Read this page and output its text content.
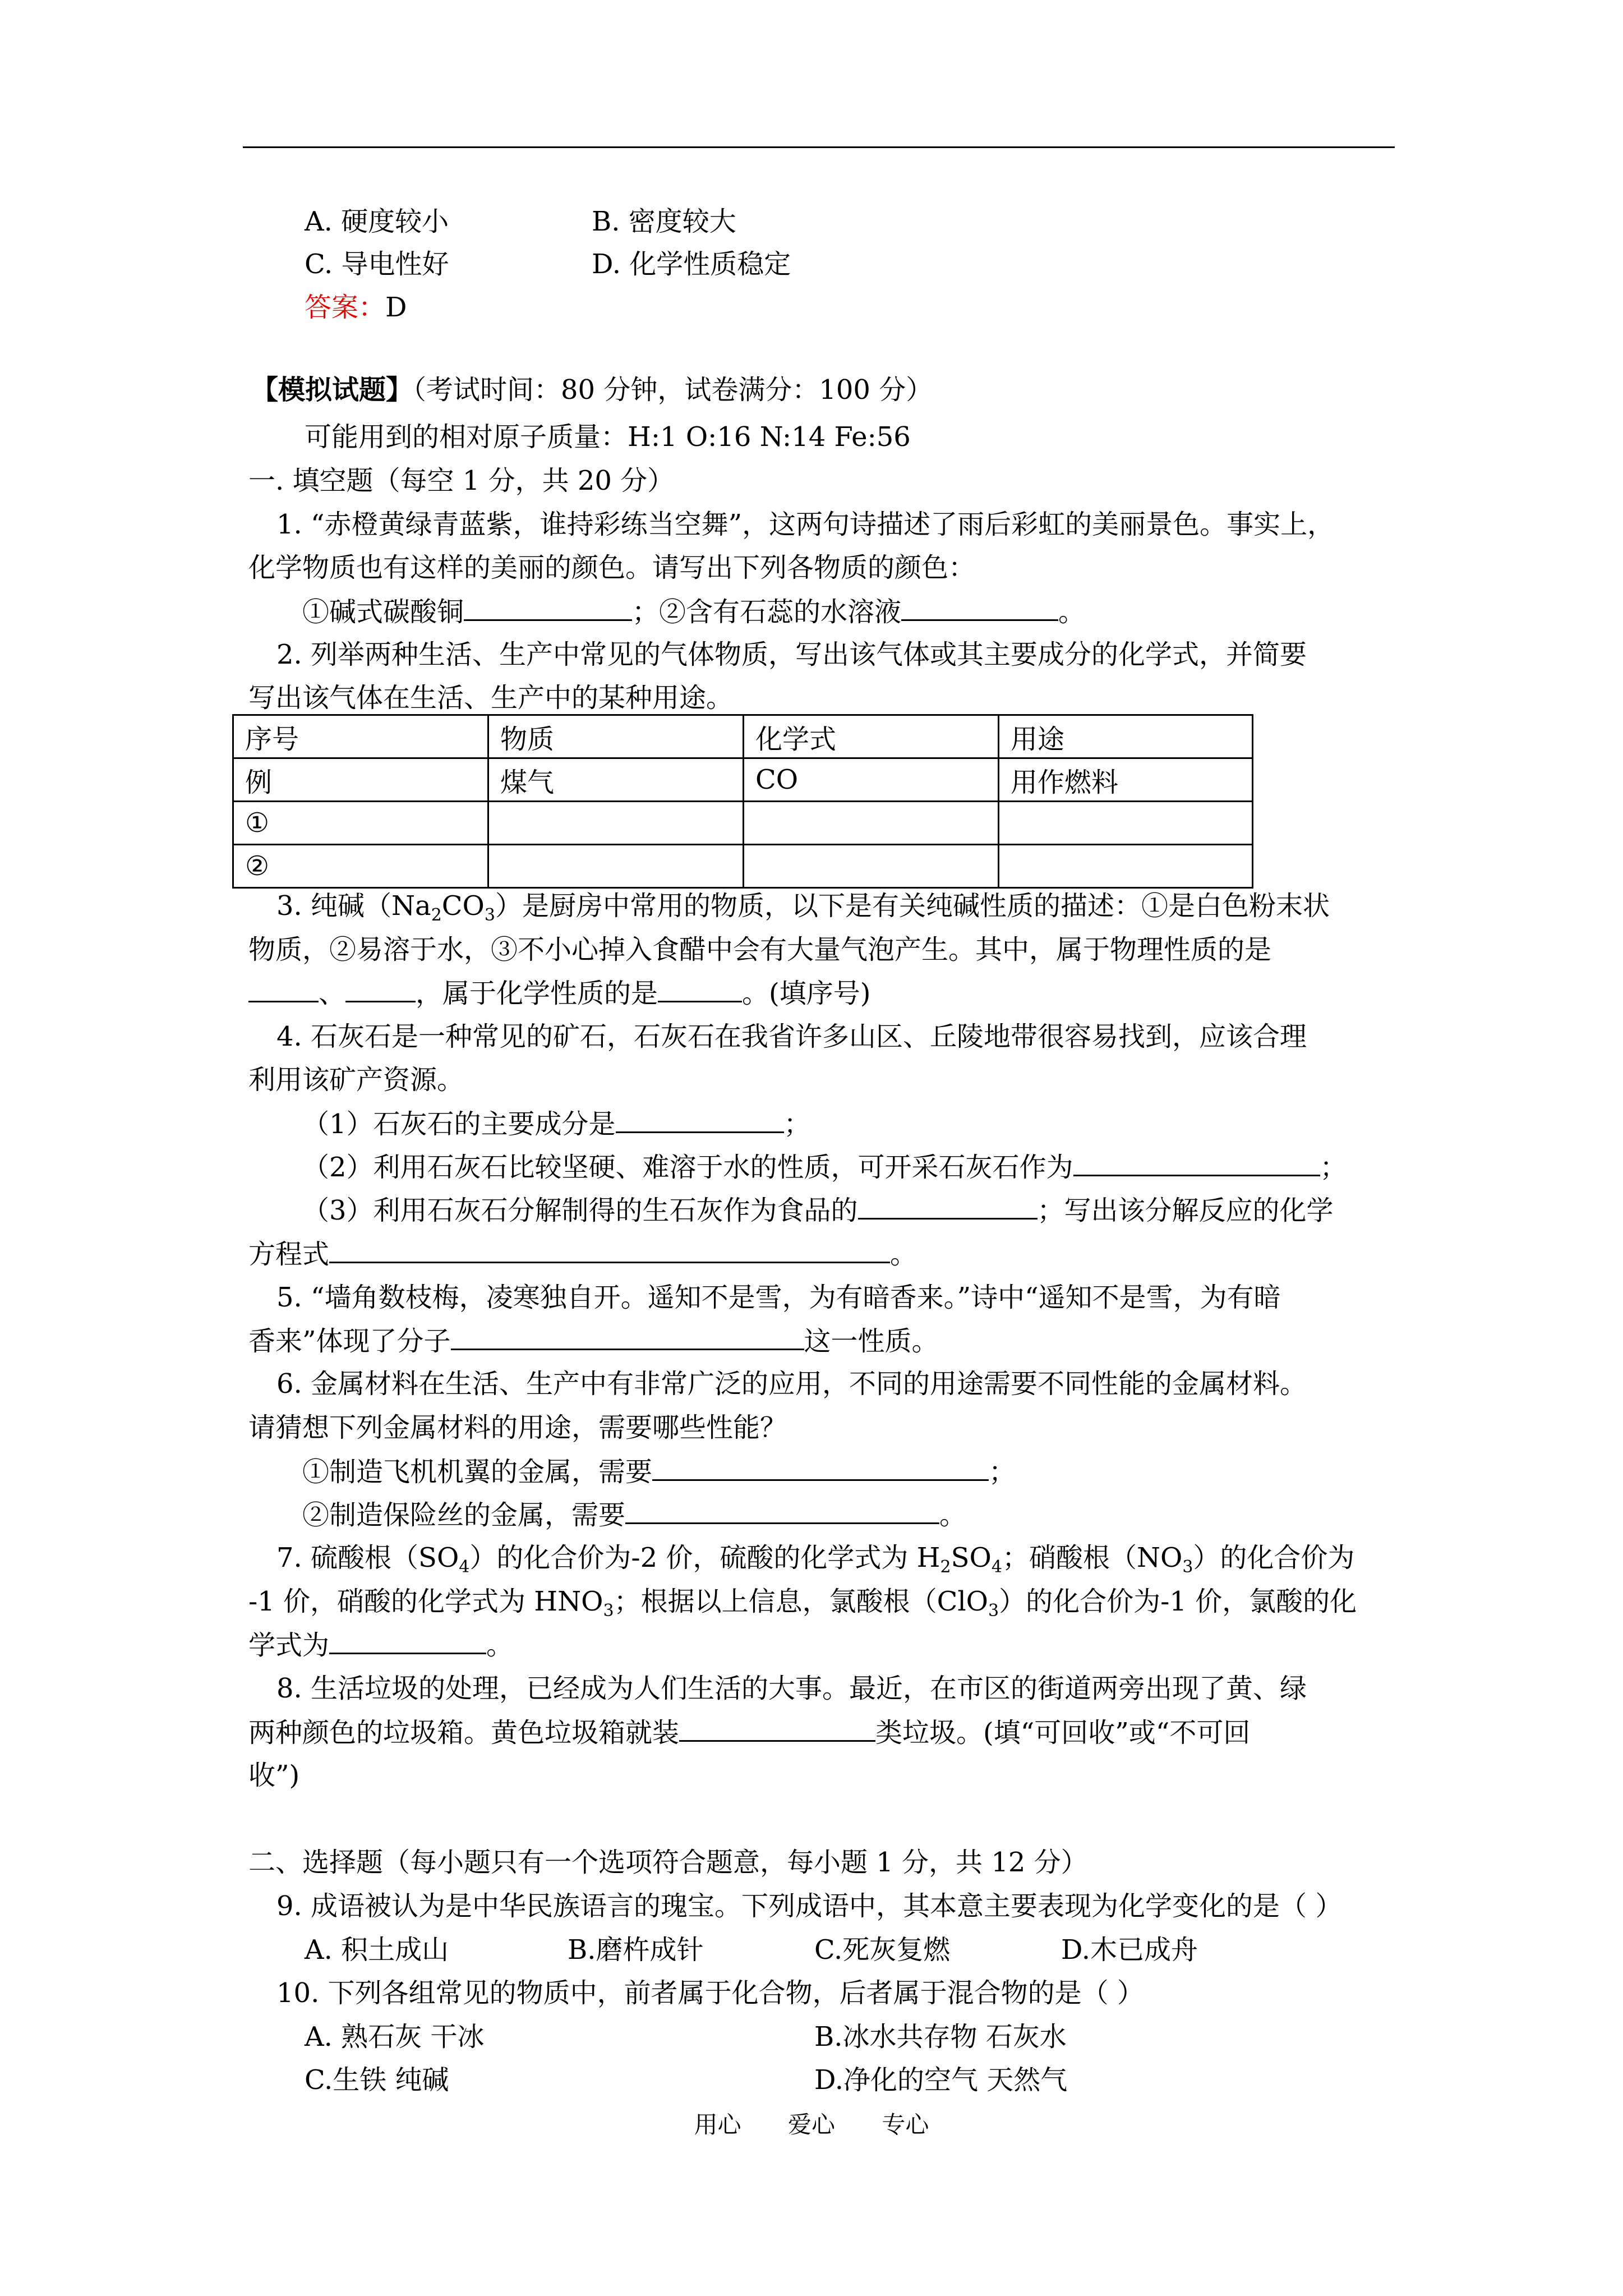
A. 硬度较小	B. 密度较大
C. 导电性好	D. 化学性质稳定
答案：D
【模拟试题】（考试时间：80 分钟，试卷满分：100 分）
可能用到的相对原子质量：H:1 O:16 N:14 Fe:56
一. 填空题（每空 1 分，共 20 分）
1. “赤橙黄绿青蓝紫，谁持彩练当空舞”，这两句诗描述了雨后彩虹的美丽景色。事实上，
化学物质也有这样的美丽的颜色。请写出下列各物质的颜色：
①碱式碳酸铜	；②含有石蕊的水溶液	。
2. 列举两种生活、生产中常见的气体物质，写出该气体或其主要成分的化学式，并简要
写出该气体在生活、生产中的某种用途。
序号	物质	化学式	用途
例	煤气	CO	用作燃料
①			
②			
3. 纯碱$(Na_2CO_3)$是厨房中常用的物质，以下是有关纯碱性质的描述：①是白色粉末状
物质，②易溶于水，③不小心掉入食醋中会有大量气泡产生。其中，属于物理性质的是
、	，属于化学性质的是	。(填序号)
4. 石灰石是一种常见的矿石，石灰石在我省许多山区、丘陵地带很容易找到，应该合理
利用该矿产资源。
（1）石灰石的主要成分是	；
（2）利用石灰石比较坚硬、难溶于水的性质，可开采石灰石作为	；
（3）利用石灰石分解制得的生石灰作为食品的	；写出该分解反应的化学
方程式	。
5. “墙角数枝梅，凌寒独自开。遥知不是雪，为有暗香来。”诗中“遥知不是雪，为有暗
香来”体现了分子	这一性质。
6. 金属材料在生活、生产中有非常广泛的应用，不同的用途需要不同性能的金属材料。
请猜想下列金属材料的用途，需要哪些性能？
①制造飞机机翼的金属，需要	；
②制造保险丝的金属，需要	。
7. 硫酸根$(SO_4)$的化合价为-2 价，硫酸的化学式为 $H_2SO_4$；硝酸根$(NO_3)$的化合价为
-1 价，硝酸的化学式为 $HNO_3$；根据以上信息，氯酸根（ClO$_3$）的化合价为-1 价，氯酸的化
学式为	。
8. 生活垃圾的处理，已经成为人们生活的大事。最近，在市区的街道两旁出现了黄、绿
两种颜色的垃圾箱。黄色垃圾箱就装	类垃圾。(填“可回收”或“不可回
收”)
二、选择题（每小题只有一个选项符合题意，每小题 1 分，共 12 分）
9. 成语被认为是中华民族语言的瑰宝。下列成语中，其本意主要表现为化学变化的是（ ）
A. 积土成山	B.磨杵成针	C.死灰复燃	D.木已成舟
10. 下列各组常见的物质中，前者属于化合物，后者属于混合物的是（ ）
A. 熟石灰 干冰	B.冰水共存物 石灰水
C.生铁 纯碱	D.净化的空气 天然气
用心 爱心 专心
